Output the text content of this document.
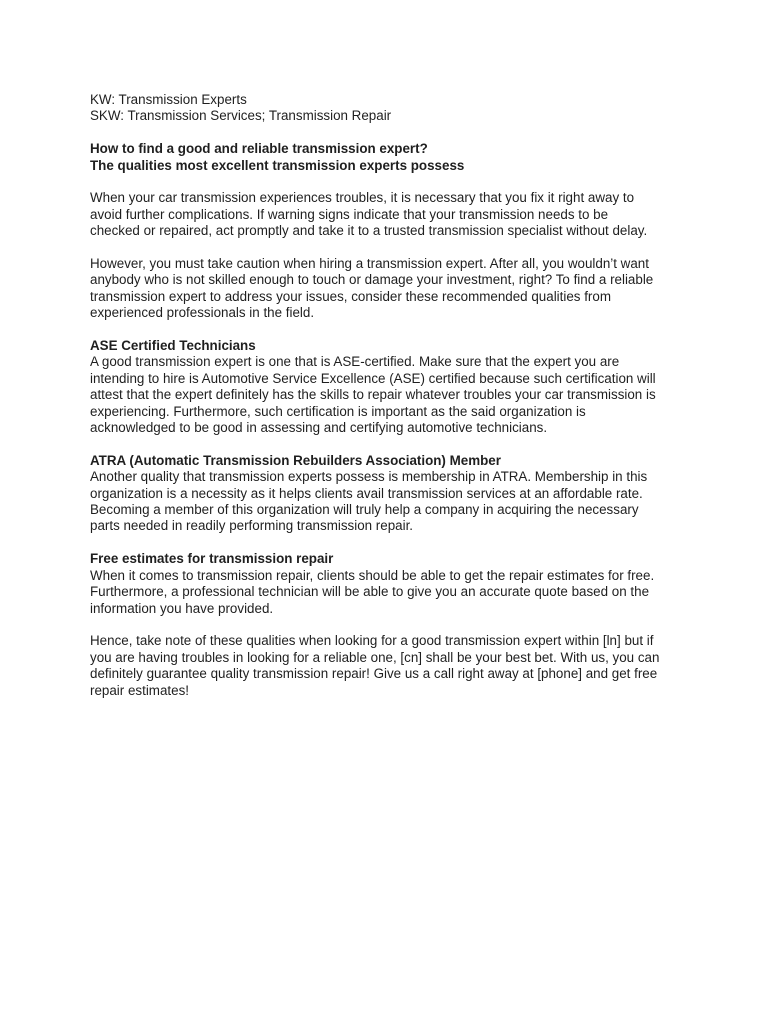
KW: Transmission Experts
SKW: Transmission Services; Transmission Repair
How to find a good and reliable transmission expert?
The qualities most excellent transmission experts possess

When your car transmission experiences troubles, it is necessary that you fix it right away to
avoid further complications. If warning signs indicate that your transmission needs to be
checked or repaired, act promptly and take it to a trusted transmission specialist without delay.

However, you must take caution when hiring a transmission expert. After all, you wouldn’t want
anybody who is not skilled enough to touch or damage your investment, right? To find a reliable
transmission expert to address your issues, consider these recommended qualities from
experienced professionals in the field.

ASE Certified Technicians

A good transmission expert is one that is ASE-certified. Make sure that the expert you are
intending to hire is Automotive Service Excellence (ASE) certified because such certification will
attest that the expert definitely has the skills to repair whatever troubles your car transmission is
experiencing. Furthermore, such certification is important as the said organization is
acknowledged to be good in assessing and certifying automotive technicians.

ATRA (Automatic Transmission Rebuilders Association) Member

Another quality that transmission experts possess is membership in ATRA. Membership in this
organization is a necessity as it helps clients avail transmission services at an affordable rate.
Becoming a member of this organization will truly help a company in acquiring the necessary
parts needed in readily performing transmission repair.

Free estimates for transmission repair

When it comes to transmission repair, clients should be able to get the repair estimates for free.
Furthermore, a professional technician will be able to give you an accurate quote based on the
information you have provided.

Hence, take note of these qualities when looking for a good transmission expert within [ln] but if
you are having troubles in looking for a reliable one, [cn] shall be your best bet. With us, you can
definitely guarantee quality transmission repair! Give us a call right away at [phone] and get free
repair estimates!
